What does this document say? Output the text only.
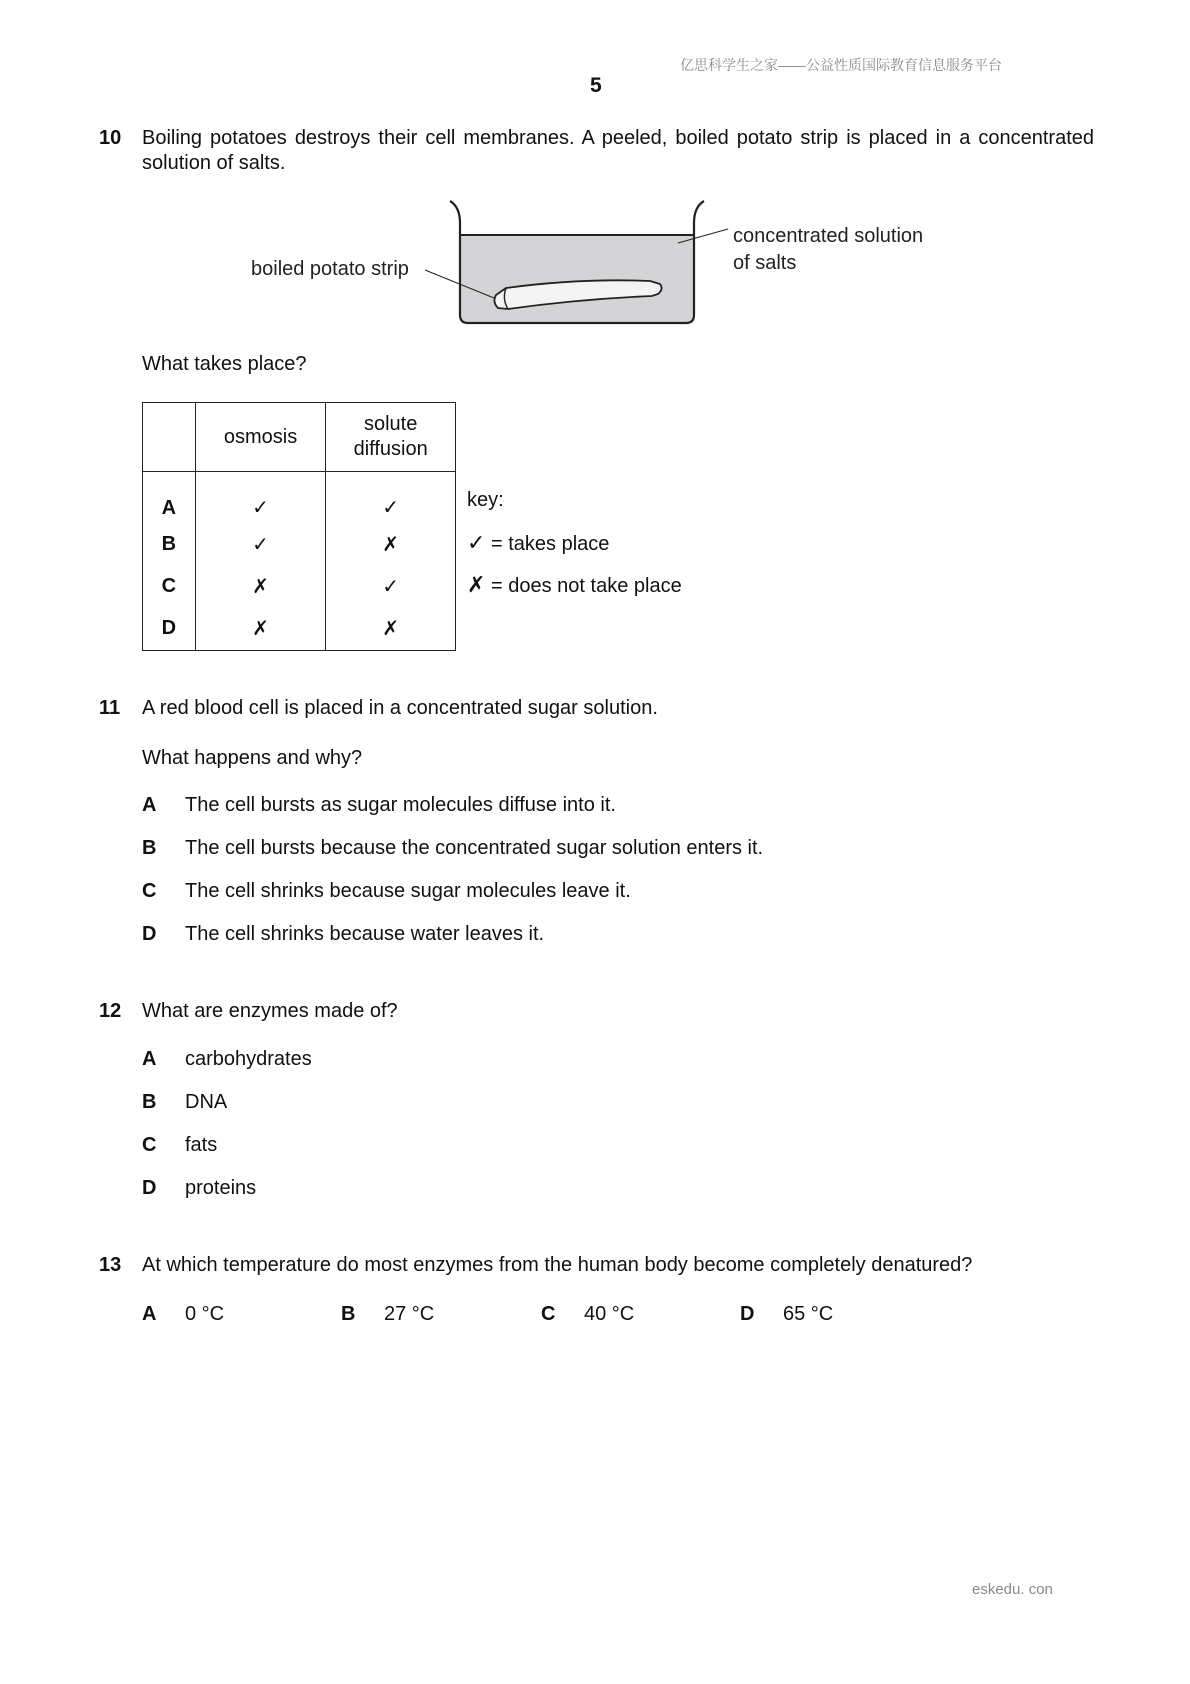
亿思科学生之家——公益性质国际教育信息服务平台
5
10 Boiling potatoes destroys their cell membranes. A peeled, boiled potato strip is placed in a concentrated solution of salts.
boiled potato strip
concentrated solution
of salts
What takes place?
	osmosis	solute
diffusion
A	✓	✓
B	✓	✗
C	✗	✓
D	✗	✗
key:
✓ = takes place
✗ = does not take place
11 A red blood cell is placed in a concentrated sugar solution.
What happens and why?
A The cell bursts as sugar molecules diffuse into it.
B The cell bursts because the concentrated sugar solution enters it.
C The cell shrinks because sugar molecules leave it.
D The cell shrinks because water leaves it.
12 What are enzymes made of?
A carbohydrates
B DNA
C fats
D proteins
13 At which temperature do most enzymes from the human body become completely denatured?
A 0 °C	B 27 °C	C 40 °C	D 65 °C
eskedu. con
